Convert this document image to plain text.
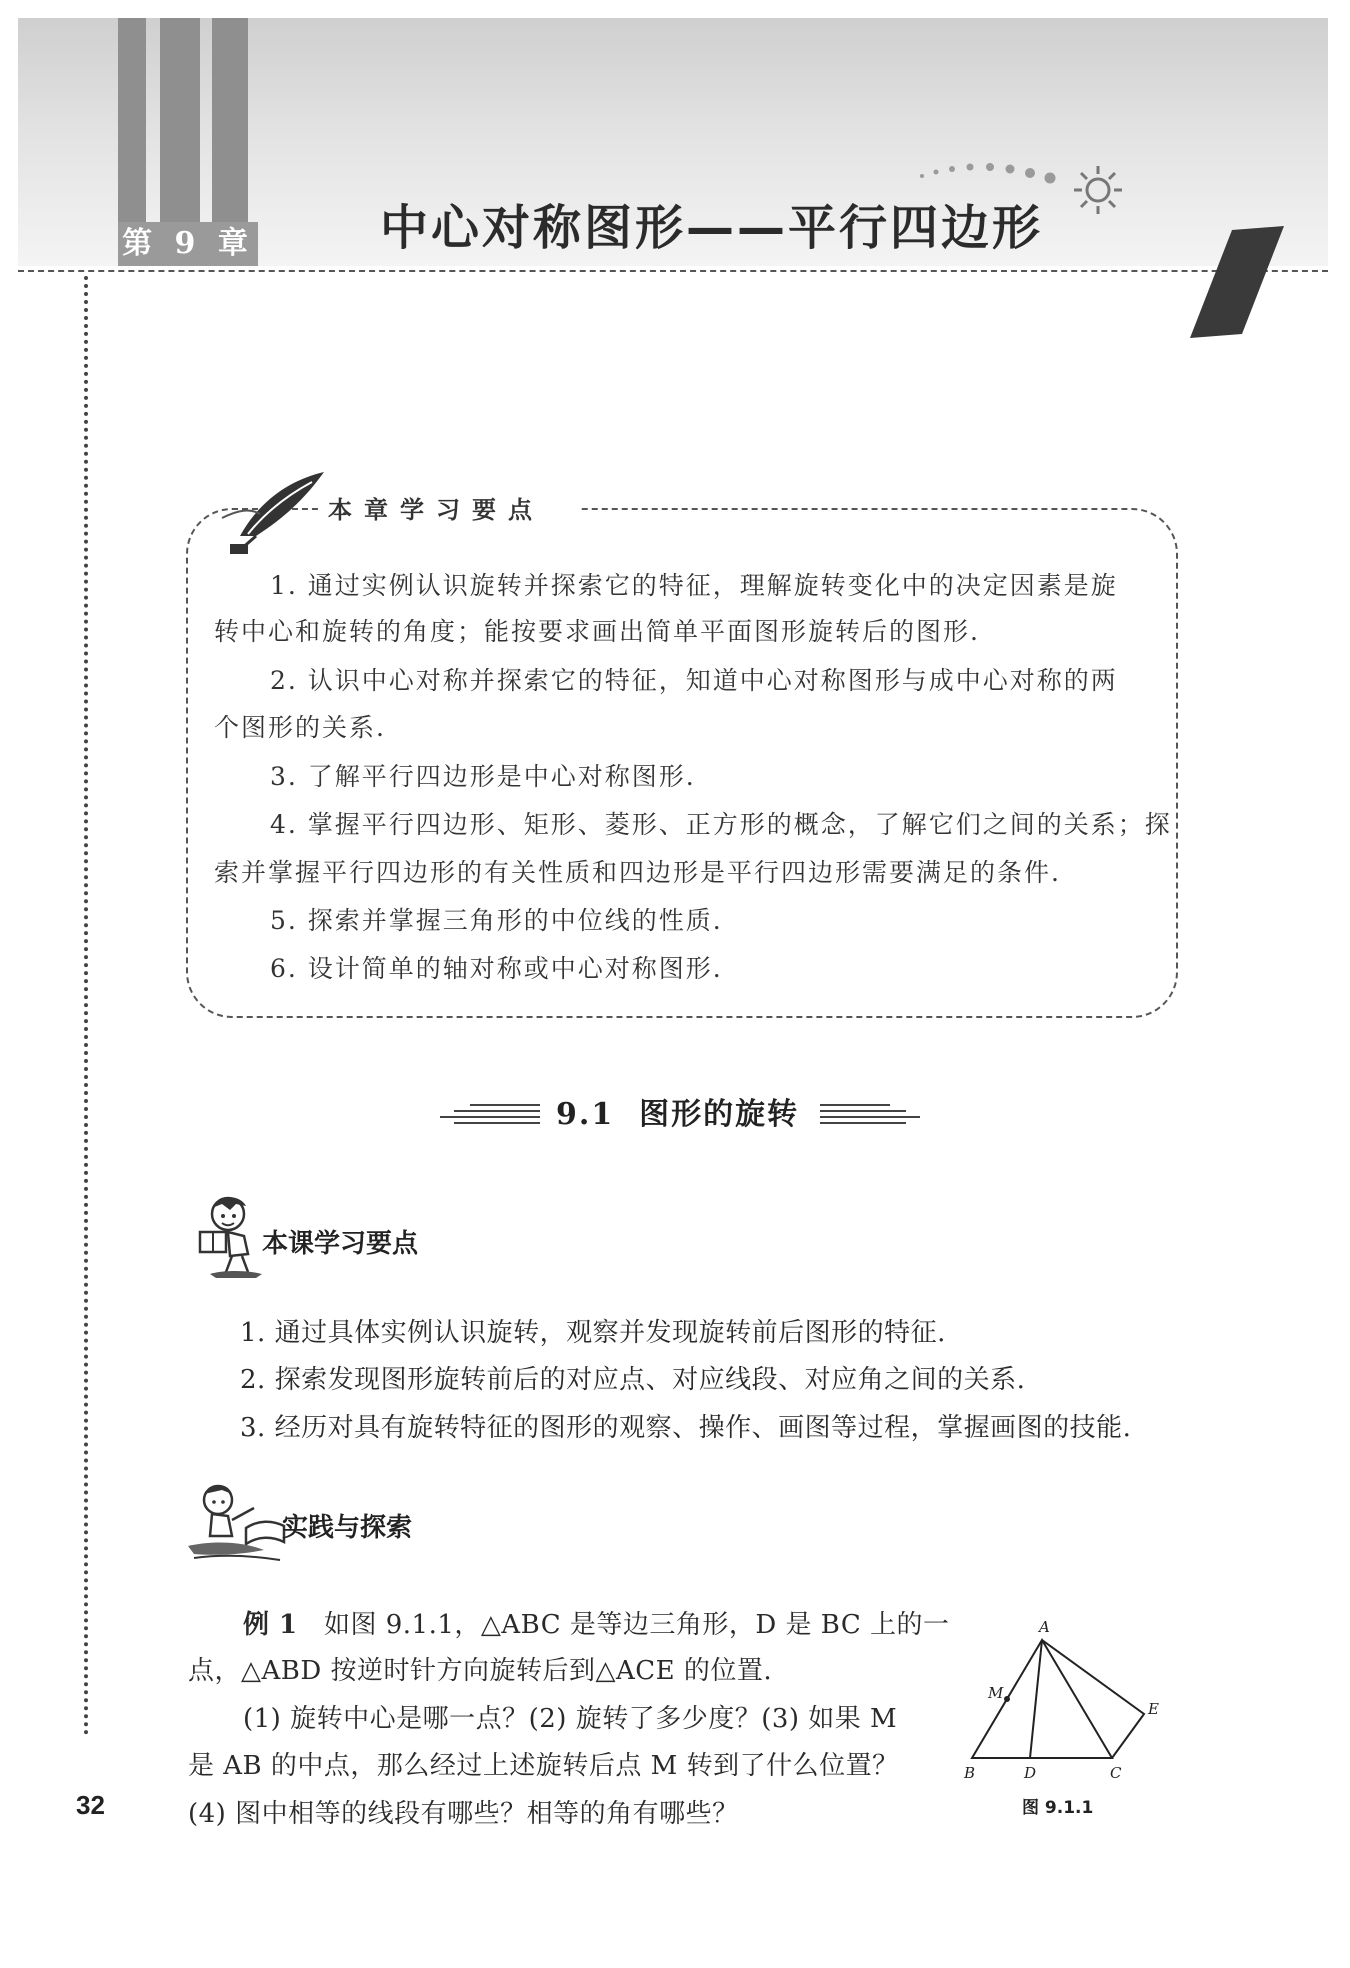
第 9 章	中心对称图形——平行四边形
本章学习要点
1. 通过实例认识旋转并探索它的特征，理解旋转变化中的决定因素是旋
转中心和旋转的角度；能按要求画出简单平面图形旋转后的图形.
2. 认识中心对称并探索它的特征，知道中心对称图形与成中心对称的两
个图形的关系.
3. 了解平行四边形是中心对称图形.
4. 掌握平行四边形、矩形、菱形、正方形的概念，了解它们之间的关系；探
索并掌握平行四边形的有关性质和四边形是平行四边形需要满足的条件.
5. 探索并掌握三角形的中位线的性质.
6. 设计简单的轴对称或中心对称图形.
9.1 图形的旋转
本课学习要点
1. 通过具体实例认识旋转，观察并发现旋转前后图形的特征.
2. 探索发现图形旋转前后的对应点、对应线段、对应角之间的关系.
3. 经历对具有旋转特征的图形的观察、操作、画图等过程，掌握画图的技能.
实践与探索
例 1 如图 9.1.1，△ABC 是等边三角形，D 是 BC 上的一
点，△ABD 按逆时针方向旋转后到△ACE 的位置.
(1) 旋转中心是哪一点？(2) 旋转了多少度？(3) 如果 M
是 AB 的中点，那么经过上述旋转后点 M 转到了什么位置？
(4) 图中相等的线段有哪些？相等的角有哪些？
A
B	C
D
E
M
图 9.1.1
32
